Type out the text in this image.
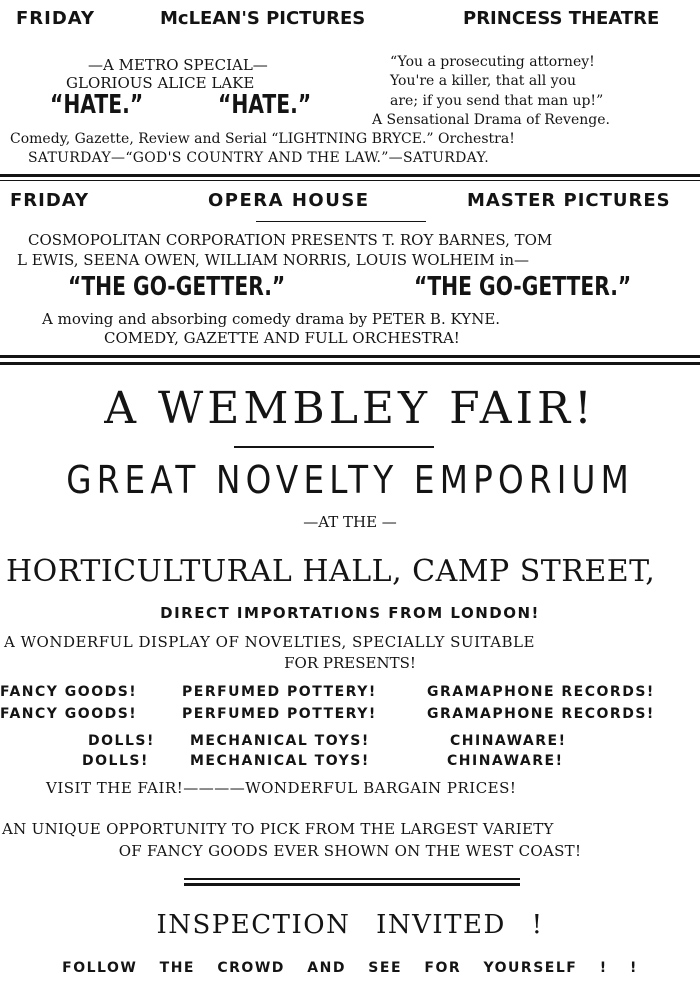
FRIDAY	McLEAN'S PICTURES	PRINCESS THEATRE
—A METRO SPECIAL—
GLORIOUS ALICE LAKE
“HATE.”	“HATE.”
“You a prosecuting attorney!
You're a killer, that all you
are; if you send that man up!”
A Sensational Drama of Revenge.
Comedy, Gazette, Review and Serial “LIGHTNING BRYCE.” Orchestra!
SATURDAY—“GOD'S COUNTRY AND THE LAW.”—SATURDAY.
FRIDAY	OPERA HOUSE	MASTER PICTURES
COSMOPOLITAN CORPORATION PRESENTS T. ROY BARNES, TOM
L EWIS, SEENA OWEN, WILLIAM NORRIS, LOUIS WOLHEIM in—
“THE GO-GETTER.”	“THE GO-GETTER.”
A moving and absorbing comedy drama by PETER B. KYNE.
COMEDY, GAZETTE AND FULL ORCHESTRA!
A WEMBLEY FAIR!
GREAT NOVELTY EMPORIUM
—AT THE —
HORTICULTURAL HALL, CAMP STREET,
DIRECT IMPORTATIONS FROM LONDON!
A WONDERFUL DISPLAY OF NOVELTIES, SPECIALLY SUITABLE
FOR PRESENTS!
FANCY GOODS!	PERFUMED POTTERY!	GRAMAPHONE RECORDS!
FANCY GOODS!	PERFUMED POTTERY!	GRAMAPHONE RECORDS!
DOLLS!	MECHANICAL TOYS!	CHINAWARE!
DOLLS!	MECHANICAL TOYS!	CHINAWARE!
VISIT THE FAIR!————WONDERFUL BARGAIN PRICES!
AN UNIQUE OPPORTUNITY TO PICK FROM THE LARGEST VARIETY
OF FANCY GOODS EVER SHOWN ON THE WEST COAST!
INSPECTION INVITED !
FOLLOW THE CROWD AND SEE FOR YOURSELF ! !
